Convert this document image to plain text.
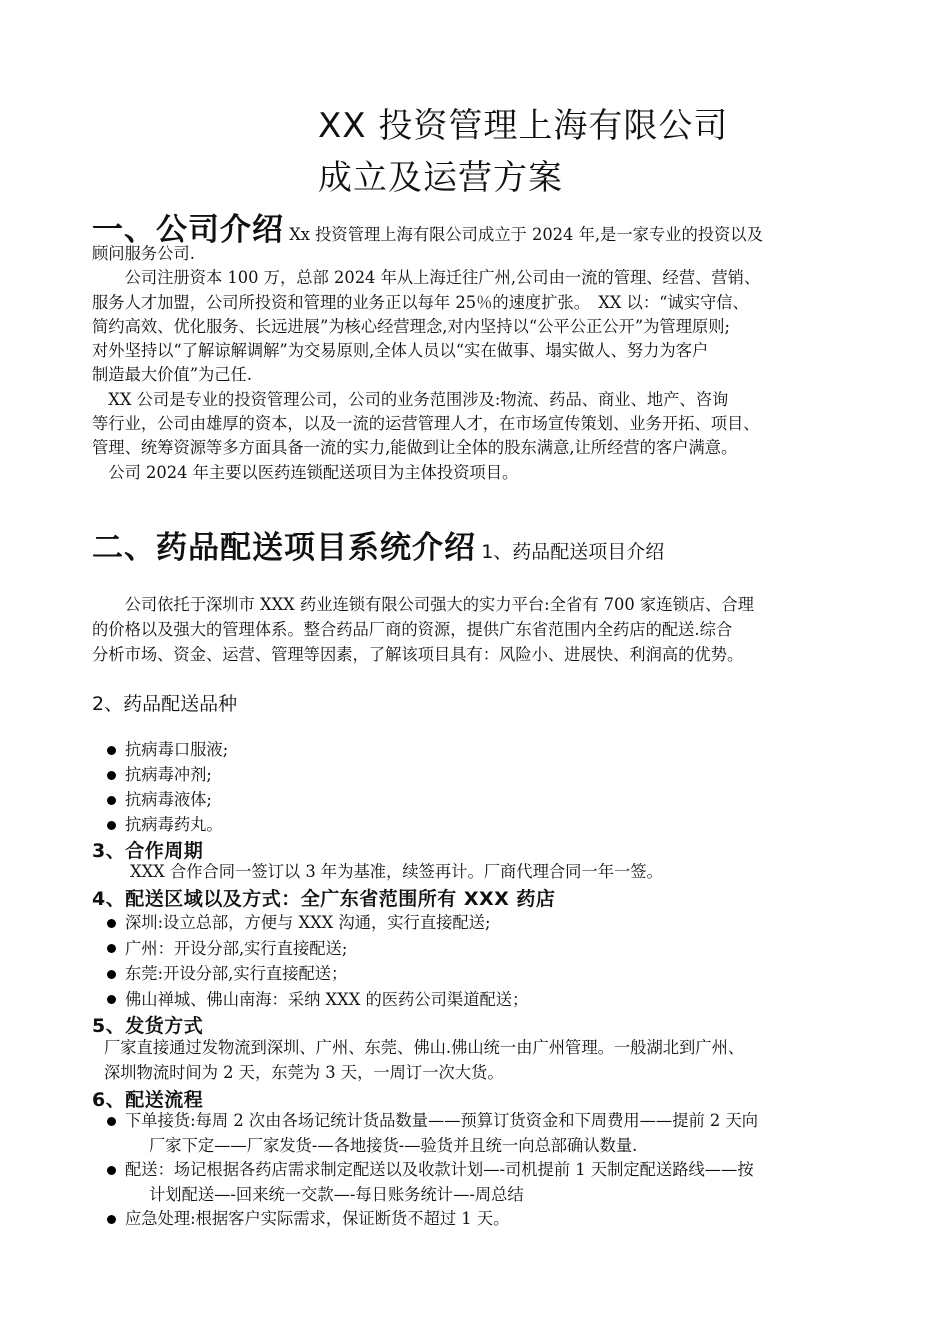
XX 投资管理上海有限公司
成立及运营方案
一、公司介绍 Xx 投资管理上海有限公司成立于 2024 年,是一家专业的投资以及
顾问服务公司.
　　公司注册资本 100 万，总部 2024 年从上海迁往广州,公司由一流的管理、经营、营销、
服务人才加盟，公司所投资和管理的业务正以每年 25％的速度扩张。　XX 以：“诚实守信、
简约高效、优化服务、长远进展”为核心经营理念,对内坚持以“公平公正公开”为管理原则;
对外坚持以“了解谅解调解”为交易原则,全体人员以“实在做事、塌实做人、努力为客户
制造最大价值”为己任.
　XX 公司是专业的投资管理公司，公司的业务范围涉及:物流、药品、商业、地产、咨询
等行业，公司由雄厚的资本，以及一流的运营管理人才，在市场宣传策划、业务开拓、项目、
管理、统筹资源等多方面具备一流的实力,能做到让全体的股东满意,让所经营的客户满意。
　公司 2024 年主要以医药连锁配送项目为主体投资项目。
二、药品配送项目系统介绍 1、药品配送项目介绍
　　公司依托于深圳市 XXX 药业连锁有限公司强大的实力平台:全省有 700 家连锁店、合理
的价格以及强大的管理体系。整合药品厂商的资源，提供广东省范围内全药店的配送.综合
分析市场、资金、运营、管理等因素，了解该项目具有：风险小、进展快、利润高的优势。
2、药品配送品种
抗病毒口服液;
抗病毒冲剂;
抗病毒液体;
抗病毒药丸。
3、合作周期
XXX 合作合同一签订以 3 年为基准，续签再计。厂商代理合同一年一签。
4、配送区域以及方式：全广东省范围所有 XXX 药店
深圳:设立总部，方便与 XXX 沟通，实行直接配送;
广州：开设分部,实行直接配送;
东莞:开设分部,实行直接配送；
佛山禅城、佛山南海：采纳 XXX 的医药公司渠道配送；
5、发货方式
厂家直接通过发物流到深圳、广州、东莞、佛山.佛山统一由广州管理。一般湖北到广州、
深圳物流时间为 2 天，东莞为 3 天，一周订一次大货。
6、配送流程
下单接货:每周 2 次由各场记统计货品数量——预算订货资金和下周费用——提前 2 天向
厂家下定——厂家发货-—各地接货-—验货并且统一向总部确认数量.
配送：场记根据各药店需求制定配送以及收款计划—-司机提前 1 天制定配送路线——按
计划配送—-回来统一交款—-每日账务统计—-周总结
应急处理:根据客户实际需求，保证断货不超过 1 天。
